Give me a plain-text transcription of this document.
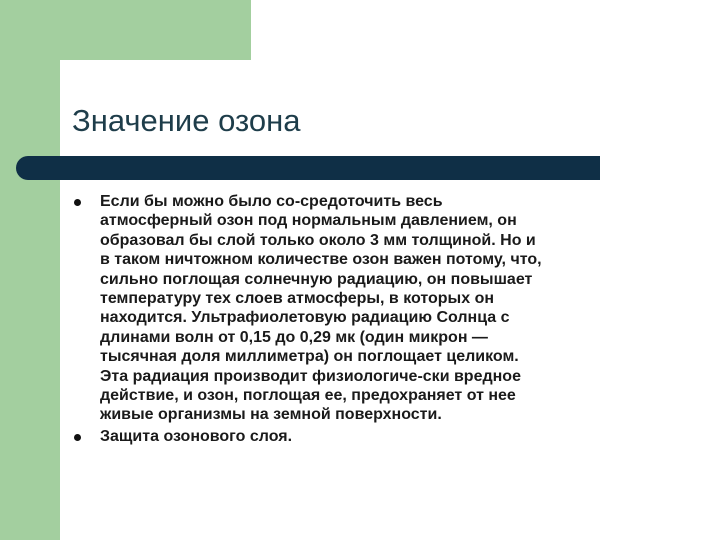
Значение озона
Если бы можно было со-средоточить весь
атмосферный озон под нормальным давлением, он
образовал бы слой только около 3 мм толщиной. Но и
в таком ничтожном количестве озон важен потому, что,
сильно поглощая солнечную радиацию, он повышает
температуру тех слоев атмосферы, в которых он
находится. Ультрафиолетовую радиацию Солнца с
длинами волн от 0,15 до 0,29 мк (один микрон —
тысячная доля миллиметра) он поглощает целиком.
Эта радиация производит физиологиче-ски вредное
действие, и озон, поглощая ее, предохраняет от нее
живые организмы на земной поверхности.
Защита озонового слоя.
